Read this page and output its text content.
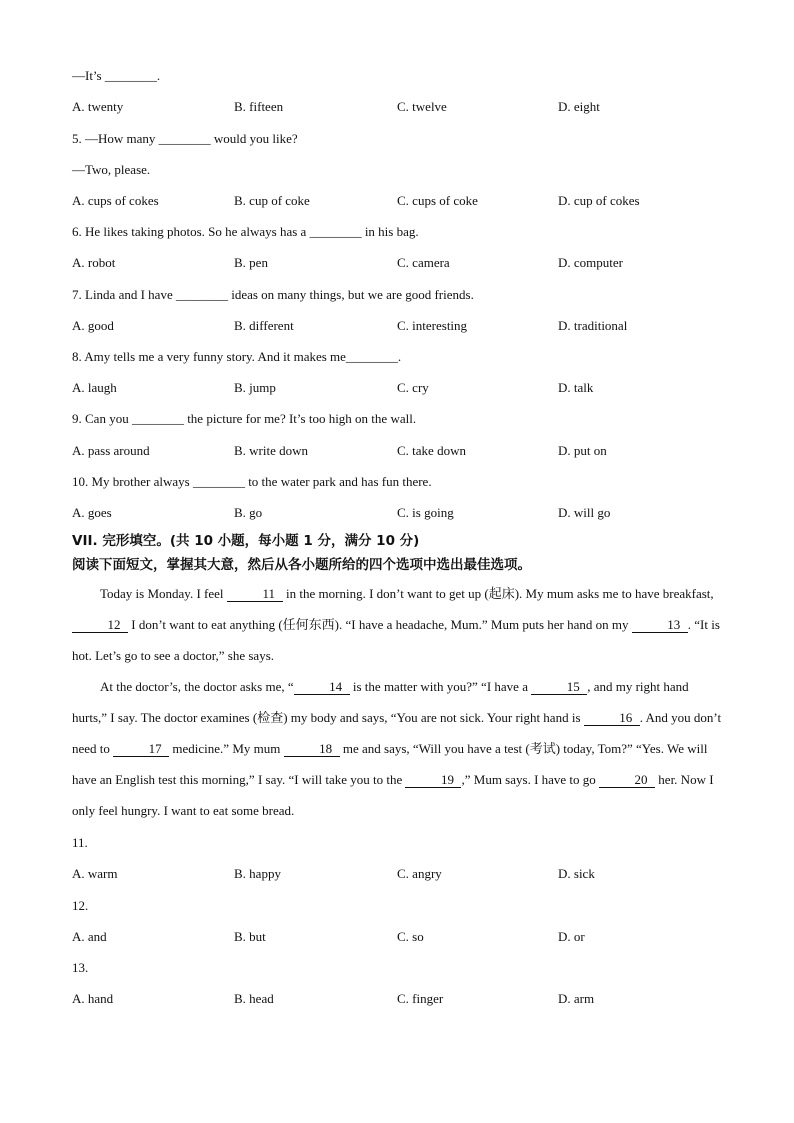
—It’s ________.
A. twenty	B. fifteen	C. twelve	D. eight
5. —How many ________ would you like?
—Two, please.
A. cups of cokes	B. cup of coke	C. cups of coke	D. cup of cokes
6. He likes taking photos. So he always has a ________ in his bag.
A. robot	B. pen	C. camera	D. computer
7. Linda and I have ________ ideas on many things, but we are good friends.
A. good	B. different	C. interesting	D. traditional
8. Amy tells me a very funny story. And it makes me________.
A. laugh	B. jump	C. cry	D. talk
9. Can you ________ the picture for me? It’s too high on the wall.
A. pass around	B. write down	C. take down	D. put on
10. My brother always ________ to the water park and has fun there.
A. goes	B. go	C. is going	D. will go
VII. 完形填空。(共 10 小题，每小题 1 分，满分 10 分)
阅读下面短文，掌握其大意，然后从各小题所给的四个选项中选出最佳选项。

Today is Monday. I feel	11 in the morning. I don’t want to get up (起床). My mum asks me to have breakfast, 12 I don’t want to eat anything (任何东西). “I have a headache, Mum.” Mum puts her hand on my	13 . “It is hot. Let’s go to see a doctor,” she says.

At the doctor’s, the doctor asks me, “	14 is the matter with you?” “I have a	15 , and my right hand hurts,” I say. The doctor examines (检查) my body and says, “You are not sick. Your right hand is	16 . And you don’t need to	17 medicine.” My mum	18 me and says, “Will you have a test (考试) today, Tom?” “Yes. We will have an English test this morning,” I say. “I will take you to the	19 ,” Mum says. I have to go	20 her. Now I only feel hungry. I want to eat some bread.

11.
A. warm	B. happy	C. angry	D. sick
12.
A. and	B. but	C. so	D. or
13.
A. hand	B. head	C. finger	D. arm
